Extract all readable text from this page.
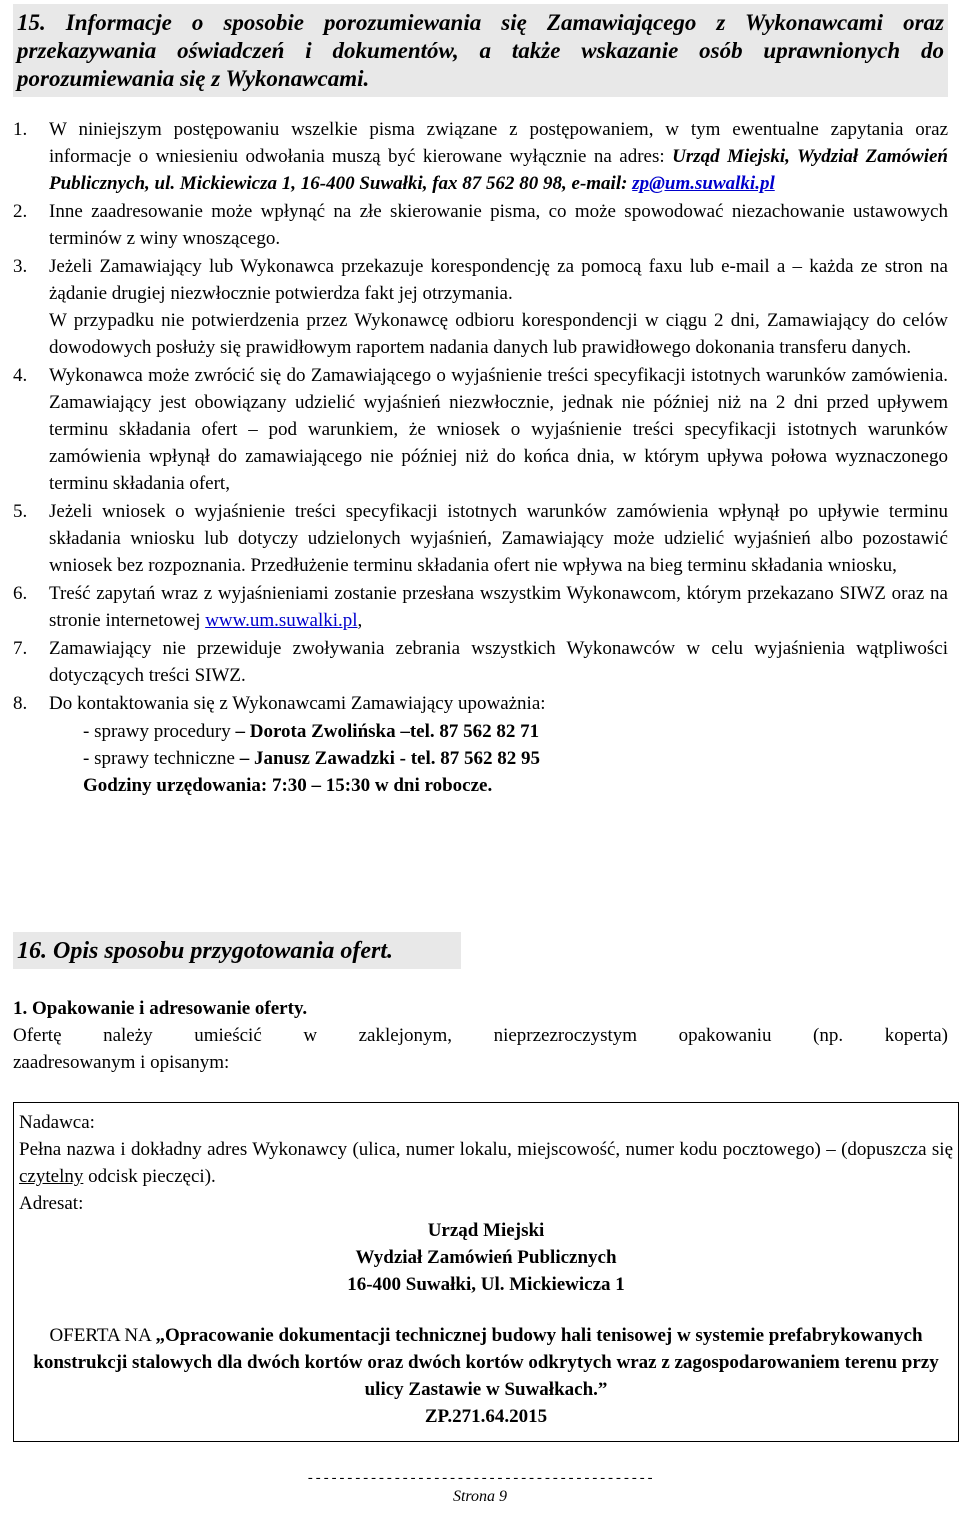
15. Informacje o sposobie porozumiewania się Zamawiającego z Wykonawcami oraz przekazywania oświadczeń i dokumentów, a także wskazanie osób uprawnionych do porozumiewania się z Wykonawcami.
1.	W niniejszym postępowaniu wszelkie pisma związane z postępowaniem, w tym ewentualne zapytania oraz informacje o wniesieniu odwołania muszą być kierowane wyłącznie na adres: Urząd Miejski, Wydział Zamówień Publicznych, ul. Mickiewicza 1, 16-400 Suwałki, fax 87 562 80 98, e-mail: zp@um.suwalki.pl
2.	Inne zaadresowanie może wpłynąć na złe skierowanie pisma, co może spowodować niezachowanie ustawowych terminów z winy wnoszącego.
3.	Jeżeli Zamawiający lub Wykonawca przekazuje korespondencję za pomocą faxu lub e-mail a – każda ze stron na żądanie drugiej niezwłocznie potwierdza fakt jej otrzymania.
W przypadku nie potwierdzenia przez Wykonawcę odbioru korespondencji w ciągu 2 dni, Zamawiający do celów dowodowych posłuży się prawidłowym raportem nadania danych lub prawidłowego dokonania transferu danych.
4.	Wykonawca może zwrócić się do Zamawiającego o wyjaśnienie treści specyfikacji istotnych warunków zamówienia. Zamawiający jest obowiązany udzielić wyjaśnień niezwłocznie, jednak nie później niż na 2 dni przed upływem terminu składania ofert – pod warunkiem, że wniosek o wyjaśnienie treści specyfikacji istotnych warunków zamówienia wpłynął do zamawiającego nie później niż do końca dnia, w którym upływa połowa wyznaczonego terminu składania ofert,
5.	Jeżeli wniosek o wyjaśnienie treści specyfikacji istotnych warunków zamówienia wpłynął po upływie terminu składania wniosku lub dotyczy udzielonych wyjaśnień, Zamawiający może udzielić wyjaśnień albo pozostawić wniosek bez rozpoznania. Przedłużenie terminu składania ofert nie wpływa na bieg terminu składania wniosku,
6.	Treść zapytań wraz z wyjaśnieniami zostanie przesłana wszystkim Wykonawcom, którym przekazano SIWZ oraz na stronie internetowej www.um.suwalki.pl,
7.	Zamawiający nie przewiduje zwoływania zebrania wszystkich Wykonawców w celu wyjaśnienia wątpliwości dotyczących treści SIWZ.
8.	Do kontaktowania się z Wykonawcami Zamawiający upoważnia:
- sprawy procedury – Dorota Zwolińska –tel. 87 562 82 71
- sprawy techniczne – Janusz Zawadzki - tel. 87 562 82 95
Godziny urzędowania: 7:30 – 15:30 w dni robocze.
16. Opis sposobu przygotowania ofert.
1. Opakowanie i adresowanie oferty.
Ofertę należy umieścić w zaklejonym, nieprzezroczystym opakowaniu (np. koperta)
zaadresowanym i opisanym:
Nadawca:
Pełna nazwa i dokładny adres Wykonawcy (ulica, numer lokalu, miejscowość, numer kodu pocztowego) – (dopuszcza się czytelny odcisk pieczęci).
Adresat:
Urząd Miejski
Wydział Zamówień Publicznych
16-400 Suwałki, Ul. Mickiewicza 1
OFERTA NA „Opracowanie dokumentacji technicznej budowy hali tenisowej w systemie prefabrykowanych konstrukcji stalowych dla dwóch kortów oraz dwóch kortów odkrytych wraz z zagospodarowaniem terenu przy ulicy Zastawie w Suwałkach.”
ZP.271.64.2015
--------------------------------------------
Strona 9
